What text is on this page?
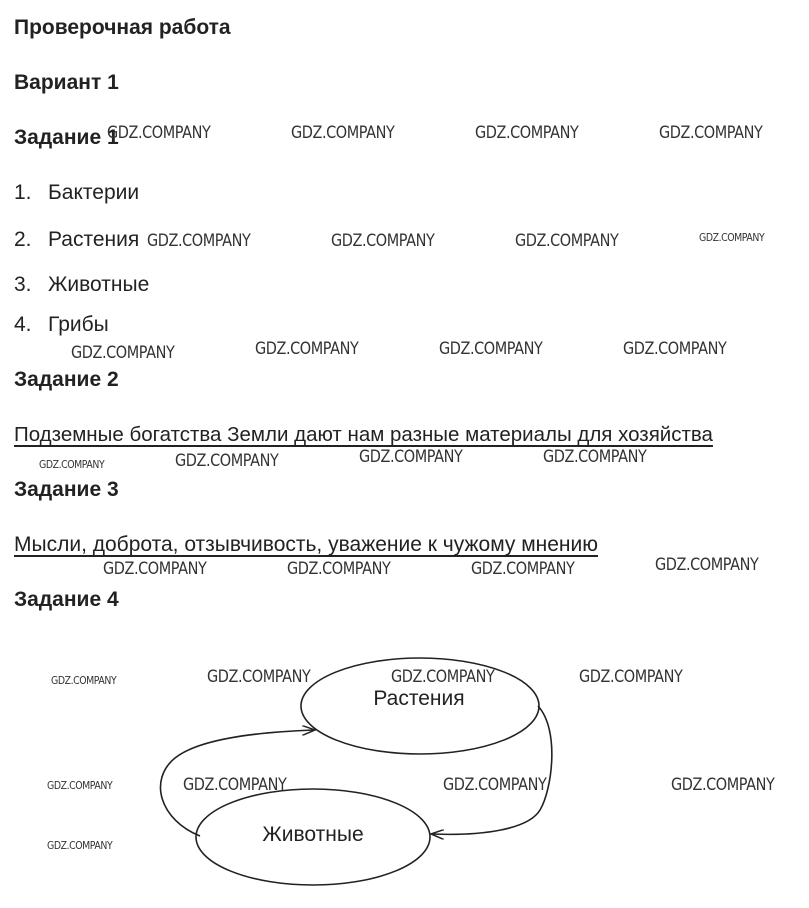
Проверочная работа
Вариант 1
Задание 1
1. Бактерии
2. Растения
3. Животные
4. Грибы
Задание 2
Подземные богатства Земли дают нам разные материалы для хозяйства
Задание 3
Мысли, доброта, отзывчивость, уважение к чужому мнению
Задание 4
Растения
Животные
GDZ.COMPANY	GDZ.COMPANY	GDZ.COMPANY	GDZ.COMPANY
GDZ.COMPANY	GDZ.COMPANY	GDZ.COMPANY	GDZ.COMPANY
GDZ.COMPANY	GDZ.COMPANY	GDZ.COMPANY	GDZ.COMPANY
GDZ.COMPANY	GDZ.COMPANY	GDZ.COMPANY	GDZ.COMPANY
GDZ.COMPANY	GDZ.COMPANY	GDZ.COMPANY	GDZ.COMPANY
GDZ.COMPANY	GDZ.COMPANY	GDZ.COMPANY	GDZ.COMPANY
GDZ.COMPANY	GDZ.COMPANY	GDZ.COMPANY	GDZ.COMPANY
GDZ.COMPANY
